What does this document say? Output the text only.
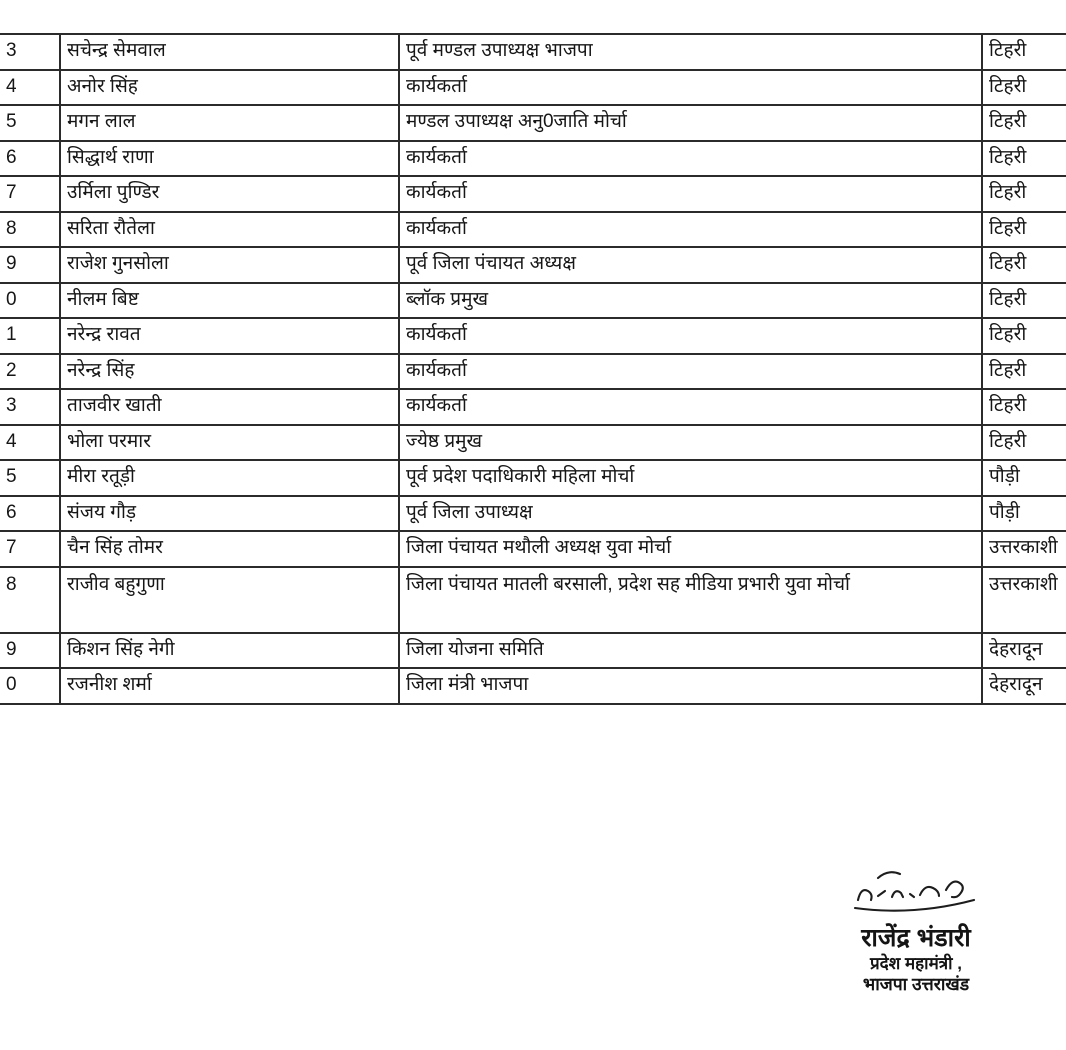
3	सचेन्द्र सेमवाल	पूर्व मण्डल उपाध्यक्ष भाजपा	टिहरी
4	अनोर सिंह	कार्यकर्ता	टिहरी
5	मगन लाल	मण्डल उपाध्यक्ष अनु0जाति मोर्चा	टिहरी
6	सिद्धार्थ राणा	कार्यकर्ता	टिहरी
7	उर्मिला पुण्डिर	कार्यकर्ता	टिहरी
8	सरिता रौतेला	कार्यकर्ता	टिहरी
9	राजेश गुनसोला	पूर्व जिला पंचायत अध्यक्ष	टिहरी
0	नीलम बिष्ट	ब्लॉक प्रमुख	टिहरी
1	नरेन्द्र रावत	कार्यकर्ता	टिहरी
2	नरेन्द्र सिंह	कार्यकर्ता	टिहरी
3	ताजवीर खाती	कार्यकर्ता	टिहरी
4	भोला परमार	ज्येष्ठ प्रमुख	टिहरी
5	मीरा रतूड़ी	पूर्व प्रदेश पदाधिकारी महिला मोर्चा	पौड़ी
6	संजय गौड़	पूर्व जिला उपाध्यक्ष	पौड़ी
7	चैन सिंह तोमर	जिला पंचायत मथौली अध्यक्ष युवा मोर्चा	उत्तरकाशी
8	राजीव बहुगुणा	जिला पंचायत मातली बरसाली, प्रदेश सह मीडिया प्रभारी युवा मोर्चा	उत्तरकाशी
9	किशन सिंह नेगी	जिला योजना समिति	देहरादून
0	रजनीश शर्मा	जिला मंत्री भाजपा	देहरादून
राजेंद्र भंडारी
प्रदेश महामंत्री ,
भाजपा उत्तराखंड
